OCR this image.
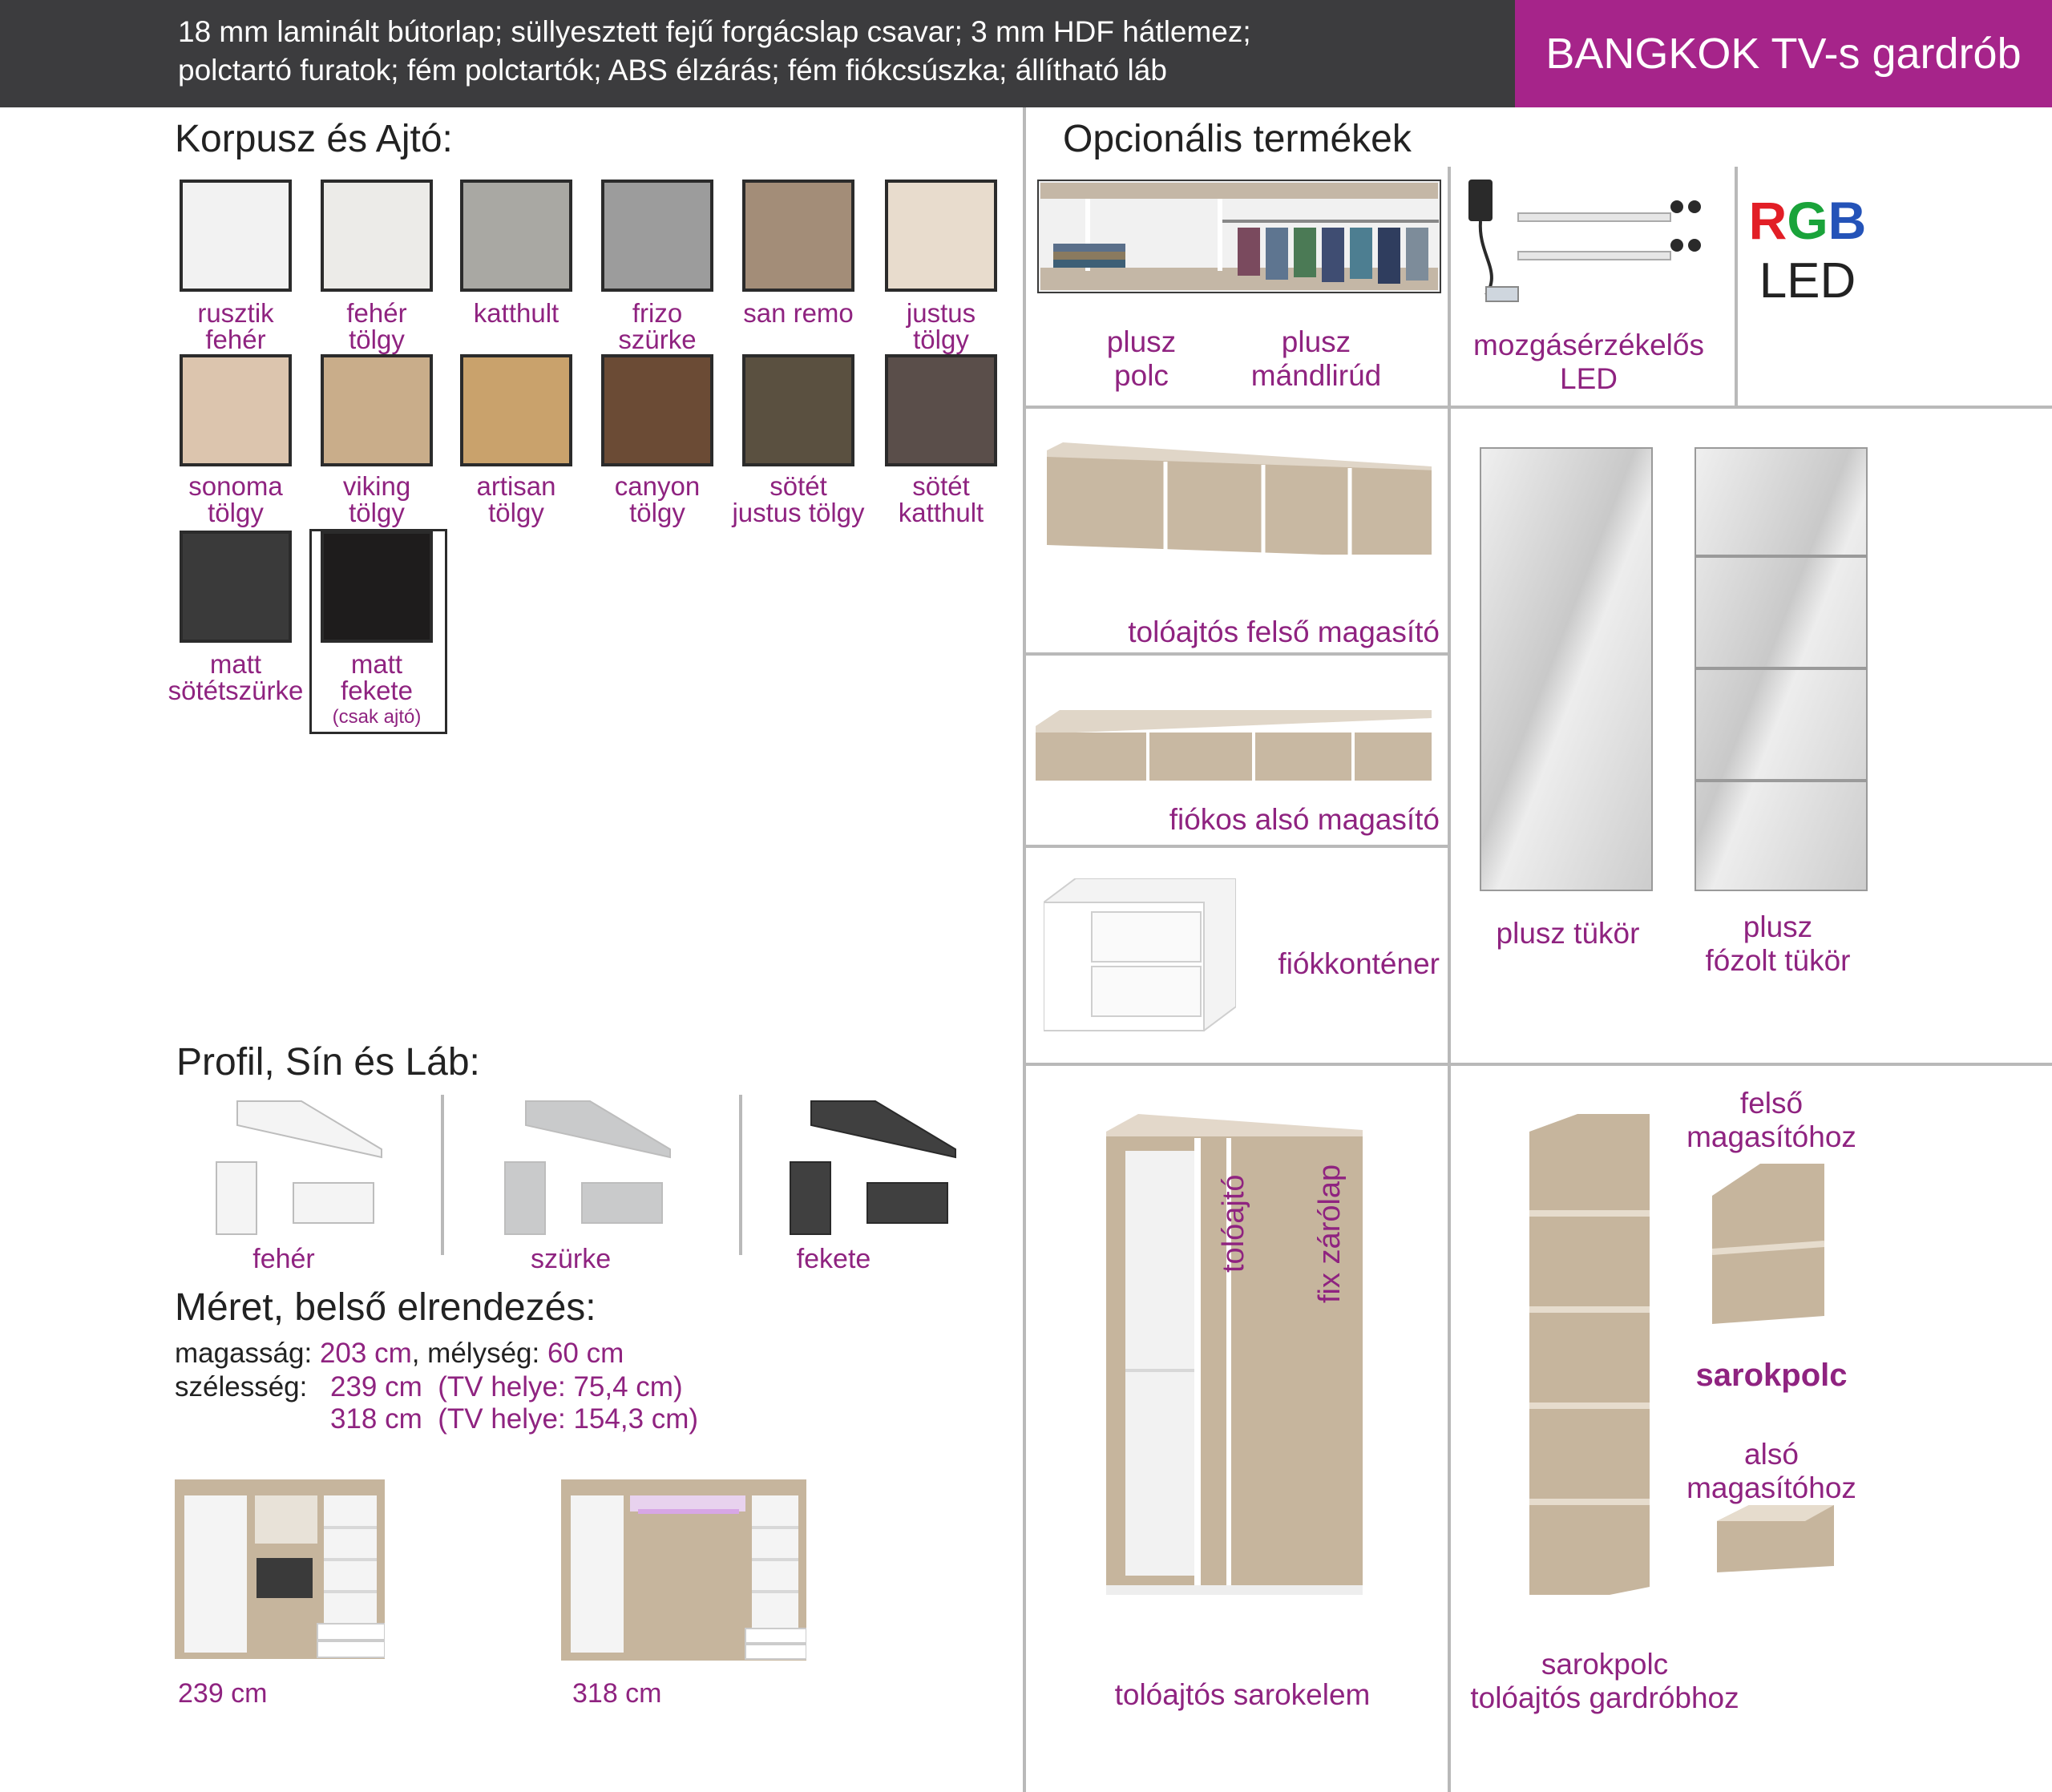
18 mm laminált bútorlap; süllyesztett fejű forgácslap csavar; 3 mm HDF hátlemez;
polctartó furatok; fém polctartók; ABS élzárás; fém fiókcsúszka; állítható láb	BANGKOK TV-s gardrób
Korpusz és Ajtó:
rusztik
fehér
fehér
tölgy
katthult	frizo
szürke
san remo	justus
tölgy
sonoma
tölgy
viking
tölgy
artisan
tölgy
canyon
tölgy
sötét
justus tölgy
sötét
katthult
matt
sötétszürke
matt
fekete
(csak ajtó)
Opcionális termékek
plusz
polc
plusz
mándlirúd
mozgásérzékelős
LED
RGB
LED
tolóajtós felső magasító
fiókos alsó magasító
fiókkonténer
plusz tükör	plusz
fózolt tükör
tolóajtó fix zárólap
tolóajtós sarokelem
felső
magasítóhoz
sarokpolc
alsó
magasítóhoz
sarokpolc
tolóajtós gardróbhoz
Profil, Sín és Láb:
fehér	szürke	fekete
Méret, belső elrendezés:
magasság: 203 cm, mélység: 60 cm
szélesség: 239 cm (TV helye: 75,4 cm)
318 cm (TV helye: 154,3 cm)
239 cm	318 cm
